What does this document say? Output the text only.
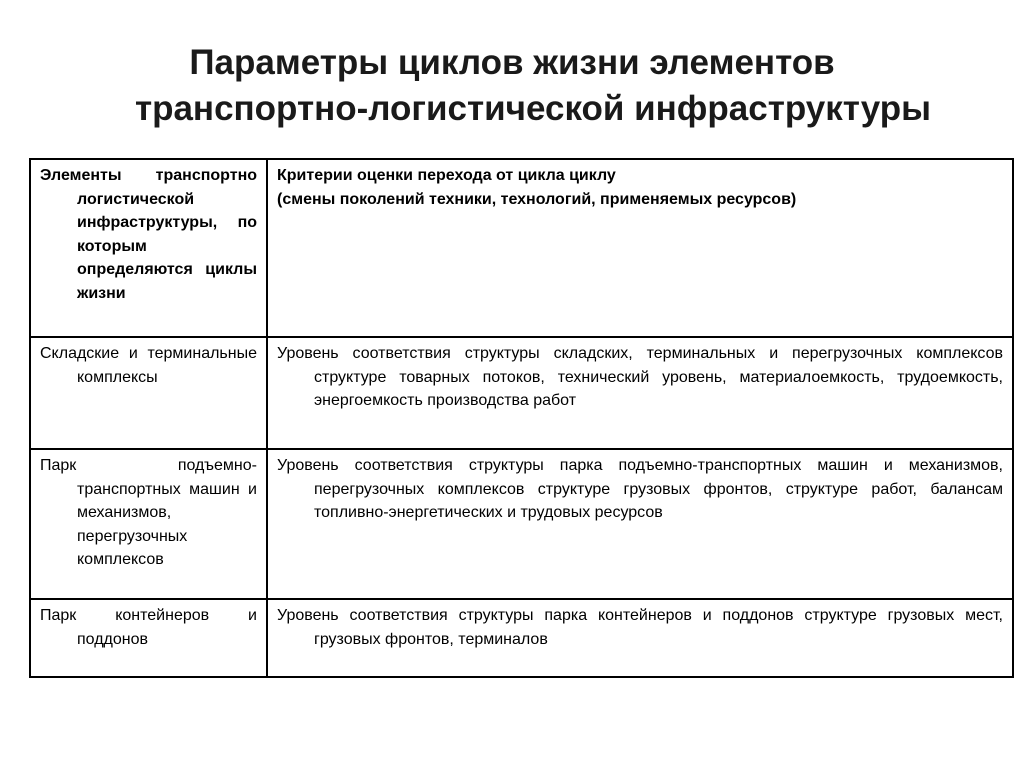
Параметры циклов жизни элементов
транспортно-логистической инфраструктуры
Элементы транспортно логистической инфраструктуры, по которым определяются циклы жизни	Критерии оценки перехода от цикла циклу
(смены поколений техники, технологий, применяемых ресурсов)

Складские и терминальные комплексы	Уровень соответствия структуры складских, терминальных и перегрузочных комплексов структуре товарных потоков, технический уровень, материалоемкость, трудоемкость, энергоемкость производства работ

Парк подъемно-транспортных машин и механизмов, перегрузочных комплексов	Уровень соответствия структуры парка подъемно-транспортных машин и механизмов, перегрузочных комплексов структуре грузовых фронтов, структуре работ, балансам топливно-энергетических и трудовых ресурсов

Парк контейнеров и поддонов	Уровень соответствия структуры парка контейнеров и поддонов структуре грузовых мест, грузовых фронтов, терминалов
